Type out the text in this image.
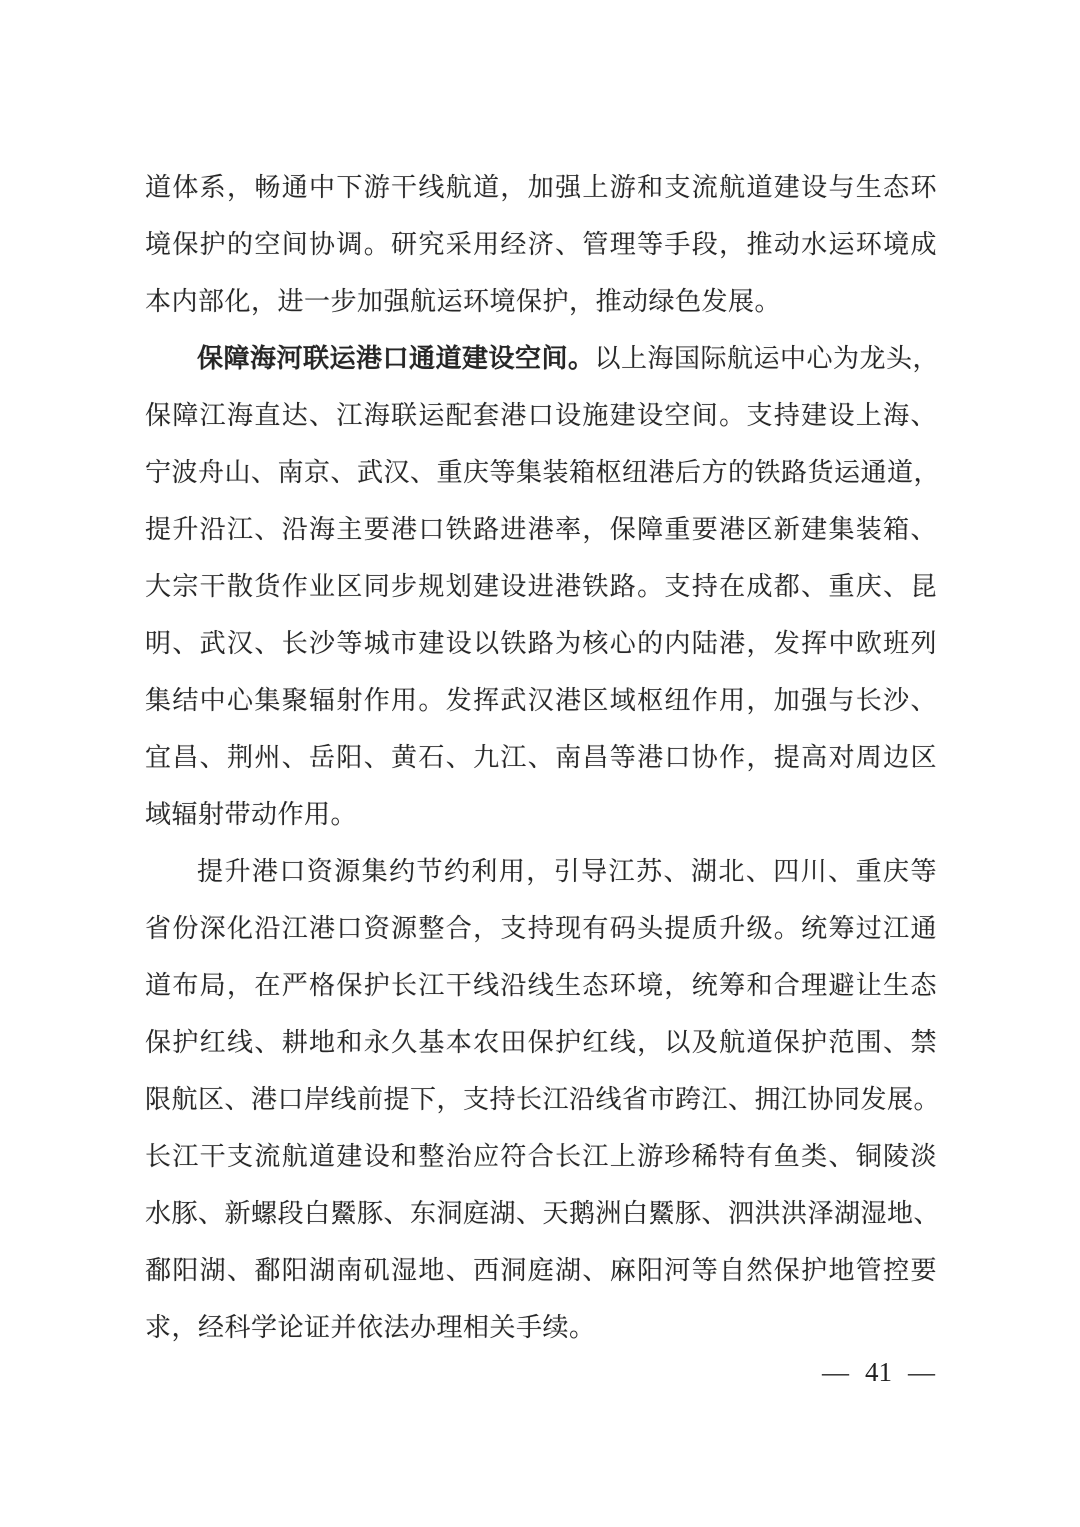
道体系，畅通中下游干线航道，加强上游和支流航道建设与生态环
境保护的空间协调。研究采用经济、管理等手段，推动水运环境成
本内部化，进一步加强航运环境保护，推动绿色发展。
保障海河联运港口通道建设空间。以上海国际航运中心为龙头，
保障江海直达、江海联运配套港口设施建设空间。支持建设上海、
宁波舟山、南京、武汉、重庆等集装箱枢纽港后方的铁路货运通道，
提升沿江、沿海主要港口铁路进港率，保障重要港区新建集装箱、
大宗干散货作业区同步规划建设进港铁路。支持在成都、重庆、昆
明、武汉、长沙等城市建设以铁路为核心的内陆港，发挥中欧班列
集结中心集聚辐射作用。发挥武汉港区域枢纽作用，加强与长沙、
宜昌、荆州、岳阳、黄石、九江、南昌等港口协作，提高对周边区
域辐射带动作用。
提升港口资源集约节约利用，引导江苏、湖北、四川、重庆等
省份深化沿江港口资源整合，支持现有码头提质升级。统筹过江通
道布局，在严格保护长江干线沿线生态环境，统筹和合理避让生态
保护红线、耕地和永久基本农田保护红线，以及航道保护范围、禁
限航区、港口岸线前提下，支持长江沿线省市跨江、拥江协同发展。
长江干支流航道建设和整治应符合长江上游珍稀特有鱼类、铜陵淡
水豚、新螺段白鱀豚、东洞庭湖、天鹅洲白鱀豚、泗洪洪泽湖湿地、
鄱阳湖、鄱阳湖南矶湿地、西洞庭湖、麻阳河等自然保护地管控要
求，经科学论证并依法办理相关手续。
— 41 —
